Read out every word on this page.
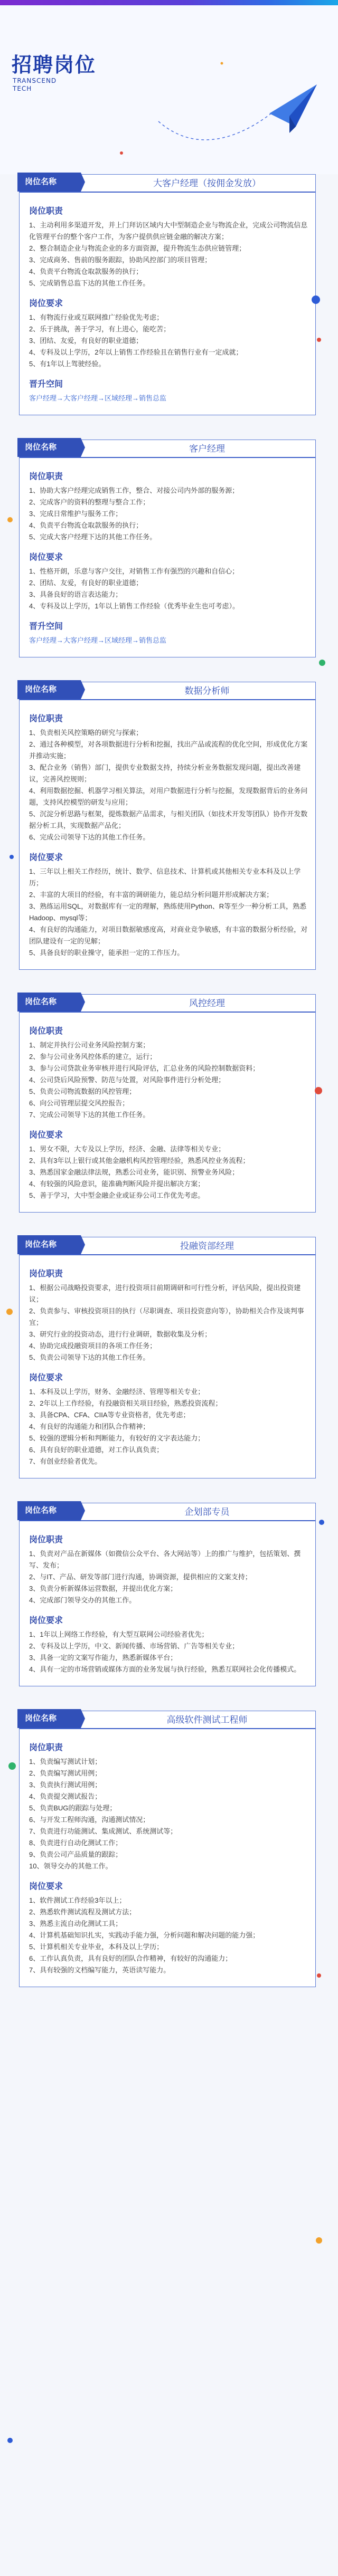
招聘岗位
TRANSCEND
TECH
岗位名称	大客户经理（按佣金发放）
岗位职责
1、主动利用多渠道开发，并上门拜访区域内大中型制造企业与物流企业，完成公司物流信息化管理平台的整个客户工作，为客户提供供应链金融的解决方案；
2、整合制造企业与物流企业的多方面资源，提升物流生态供应链管理；
3、完成商务、售前的服务跟踪，协助风控部门的项目管理；
4、负责平台物流仓取款服务的执行；
5、完成销售总监下达的其他工作任务。
岗位要求
1、有物流行业或互联网推广经验优先考虑；
2、乐于挑战，善于学习，有上进心，能吃苦；
3、团结、友爱，有良好的职业道德；
4、专科及以上学历，2年以上销售工作经验且在销售行业有一定成就；
5、有1年以上驾驶经验。
晋升空间
客户经理→大客户经理→区域经理→销售总监
岗位名称	客户经理
岗位职责
1、协助大客户经理完成销售工作，整合、对接公司内外部的服务源；
2、完成客户的资料的整理与整合工作；
3、完成日常维护与服务工作；
4、负责平台物流仓取款服务的执行；
5、完成大客户经理下达的其他工作任务。
岗位要求
1、性格开朗，乐意与客户交往，对销售工作有强烈的兴趣和自信心；
2、团结、友爱，有良好的职业道德；
3、具备良好的语言表达能力；
4、专科及以上学历，1年以上销售工作经验（优秀毕业生也可考虑）。
晋升空间
客户经理→大客户经理→区域经理→销售总监
岗位名称	数据分析师
岗位职责
1、负责相关风控策略的研究与探索；
2、通过各种模型，对各项数据进行分析和挖掘，找出产品或流程的优化空间，形成优化方案并推动实施；
3、配合业务（销售）部门，提供专业数据支持，持续分析业务数据发现问题，提出改善建议，完善风控规则；
4、利用数据挖掘、机器学习相关算法，对用户数据进行分析与挖掘，发现数据背后的业务问题，支持风控模型的研发与应用；
5、沉淀分析思路与框架，提炼数据产品需求，与相关团队（如技术开发等团队）协作开发数据分析工具，实现数据产品化；
6、完成公司领导下达的其他工作任务。
岗位要求
1、三年以上相关工作经历，统计、数学、信息技术、计算机或其他相关专业本科及以上学历；
2、丰富的大项目的经验，有丰富的调研能力，能总结分析问题并形成解决方案；
3、熟练运用SQL，对数据库有一定的理解，熟练使用Python、R等至少一种分析工具，熟悉Hadoop、mysql等；
4、有良好的沟通能力，对项目数据敏感度高，对商业竞争敏感，有丰富的数据分析经验，对团队建设有一定的见解；
5、具备良好的职业操守，能承担一定的工作压力。
岗位名称	风控经理
岗位职责
1、制定并执行公司业务风险控制方案；
2、参与公司业务风控体系的建立，运行；
3、参与公司贷款业务审核并进行风险评估，汇总业务的风险控制数据资料；
4、公司贷后风险预警、防范与处置，对风险事件进行分析处理；
5、负责公司物流数据的风控管理；
6、向公司管理层提交风控报告；
7、完成公司领导下达的其他工作任务。
岗位要求
1、男女不限，大专及以上学历，经济、金融、法律等相关专业；
2、具有3年以上银行或其他金融机构风控管理经验，熟悉风控业务流程；
3、熟悉国家金融法律法规，熟悉公司业务，能识别、预警业务风险；
4、有较强的风险意识，能准确判断风险并提出解决方案；
5、善于学习，大中型金融企业或证券公司工作优先考虑。
岗位名称	投融资部经理
岗位职责
1、根据公司战略投资要求，进行投资项目前期调研和可行性分析，评估风险，提出投资建议；
2、负责参与、审核投资项目的执行（尽职调查、项目投资意向等），协助相关合作及谈判事宜；
3、研究行业的投资动态，进行行业调研，数据收集及分析；
4、协助完成投融资项目的各项工作任务；
5、负责公司领导下达的其他工作任务。
岗位要求
1、本科及以上学历，财务、金融经济、管理等相关专业；
2、2年以上工作经验，有投融资相关项目经验，熟悉投资流程；
3、具备CPA、CFA、CIIA等专业资格者，优先考虑；
4、有良好的沟通能力和团队合作精神；
5、较强的逻辑分析和判断能力，有较好的文字表达能力；
6、具有良好的职业道德，对工作认真负责；
7、有创业经验者优先。
岗位名称	企划部专员
岗位职责
1、负责对产品在新媒体（如微信公众平台、各大网站等）上的推广与维护，包括策划、撰写、发布；
2、与IT、产品、研发等部门进行沟通，协调资源，提供相应的文案支持；
3、负责分析新媒体运营数据，并提出优化方案；
4、完成部门领导交办的其他工作。
岗位要求
1、1年以上网络工作经验，有大型互联网公司经验者优先；
2、专科及以上学历，中文、新闻传播、市场营销、广告等相关专业；
3、具备一定的文案写作能力，熟悉新媒体平台；
4、具有一定的市场营销或媒体方面的业务发展与执行经验，熟悉互联网社会化传播模式。
岗位名称	高级软件测试工程师
岗位职责
1、负责编写测试计划；
2、负责编写测试用例；
3、负责执行测试用例；
4、负责提交测试报告；
5、负责BUG的跟踪与处理；
6、与开发工程师沟通，沟通测试情况；
7、负责进行功能测试、集成测试、系统测试等；
8、负责进行自动化测试工作；
9、负责公司产品质量的跟踪；
10、领导交办的其他工作。
岗位要求
1、软件测试工作经验3年以上；
2、熟悉软件测试流程及测试方法；
3、熟悉主流自动化测试工具；
4、计算机基础知识扎实，实践动手能力强，分析问题和解决问题的能力强；
5、计算机相关专业毕业，本科及以上学历；
6、工作认真负责，具有良好的团队合作精神，有较好的沟通能力；
7、具有较强的文档编写能力，英语读写能力。
